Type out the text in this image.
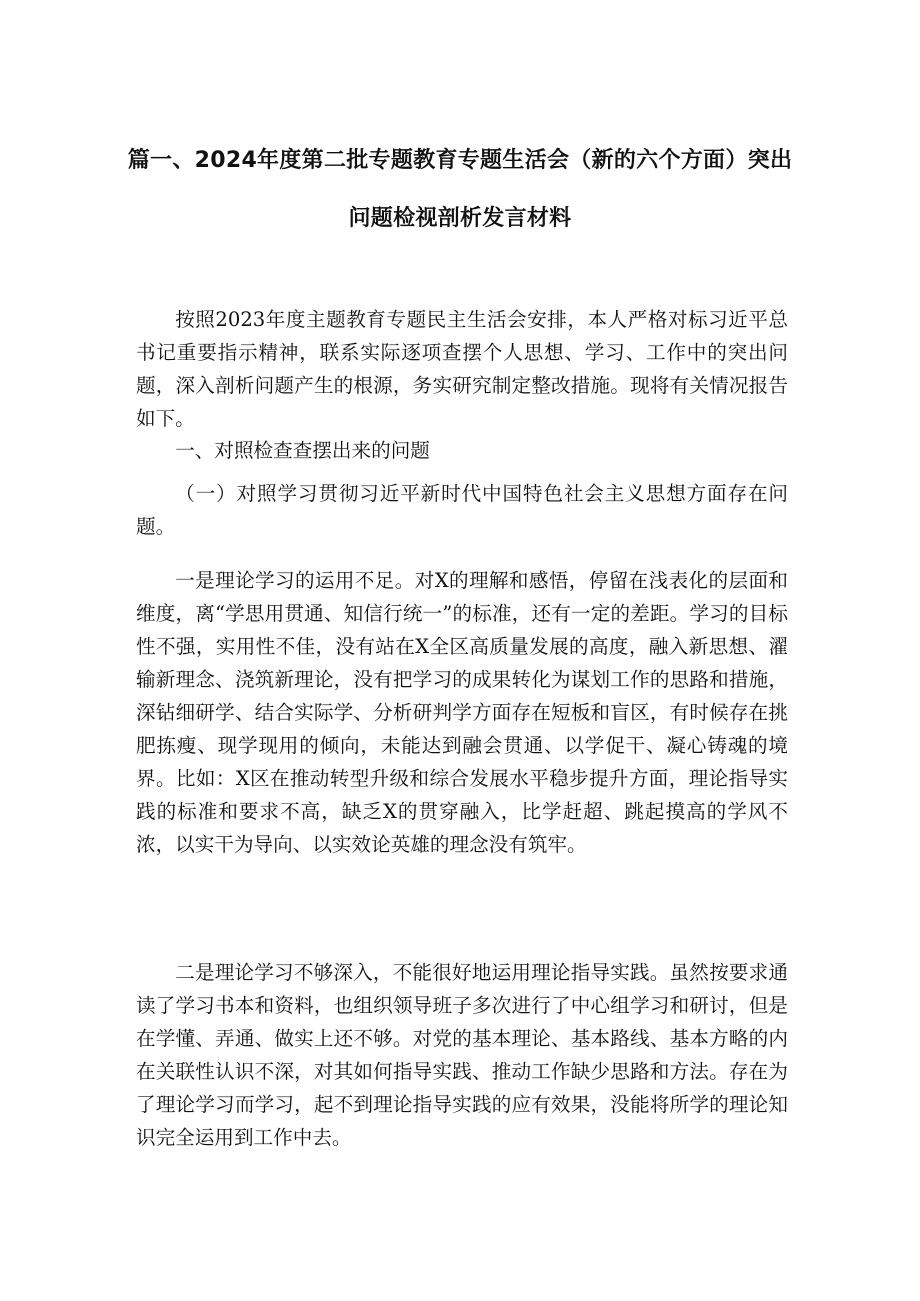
篇一、2024年度第二批专题教育专题生活会（新的六个方面）突出
问题检视剖析发言材料

按照2023年度主题教育专题民主生活会安排，本人严格对标习近平总书记重要指示精神，联系实际逐项查摆个人思想、学习、工作中的突出问题，深入剖析问题产生的根源，务实研究制定整改措施。现将有关情况报告如下。

一、对照检查查摆出来的问题

（一）对照学习贯彻习近平新时代中国特色社会主义思想方面存在问题。

一是理论学习的运用不足。对X的理解和感悟，停留在浅表化的层面和维度，离“学思用贯通、知信行统一”的标准，还有一定的差距。学习的目标性不强，实用性不佳，没有站在X全区高质量发展的高度，融入新思想、濯输新理念、浇筑新理论，没有把学习的成果转化为谋划工作的思路和措施，深钻细研学、结合实际学、分析研判学方面存在短板和盲区，有时候存在挑肥拣瘦、现学现用的倾向，未能达到融会贯通、以学促干、凝心铸魂的境界。比如：X区在推动转型升级和综合发展水平稳步提升方面，理论指导实践的标准和要求不高，缺乏X的贯穿融入，比学赶超、跳起摸高的学风不浓，以实干为导向、以实效论英雄的理念没有筑牢。

二是理论学习不够深入，不能很好地运用理论指导实践。虽然按要求通读了学习书本和资料，也组织领导班子多次进行了中心组学习和研讨，但是在学懂、弄通、做实上还不够。对党的基本理论、基本路线、基本方略的内在关联性认识不深，对其如何指导实践、推动工作缺少思路和方法。存在为了理论学习而学习，起不到理论指导实践的应有效果，没能将所学的理论知识完全运用到工作中去。
